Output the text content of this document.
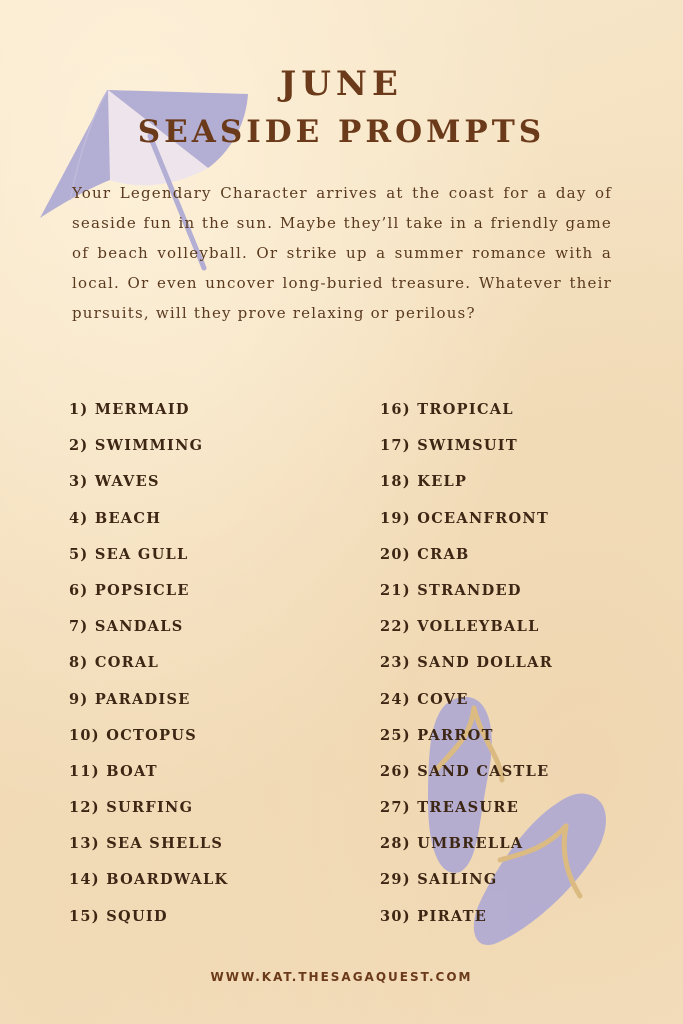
JUNE
SEASIDE PROMPTS

Your Legendary Character arrives at the coast for a day of seaside fun in the sun. Maybe they’ll take in a friendly game of beach volleyball. Or strike up a summer romance with a local. Or even uncover long-buried treasure. Whatever their pursuits, will they prove relaxing or perilous?

1) MERMAID
2) SWIMMING
3) WAVES
4) BEACH
5) SEA GULL
6) POPSICLE
7) SANDALS
8) CORAL
9) PARADISE
10) OCTOPUS
11) BOAT
12) SURFING
13) SEA SHELLS
14) BOARDWALK
15) SQUID
16) TROPICAL
17) SWIMSUIT
18) KELP
19) OCEANFRONT
20) CRAB
21) STRANDED
22) VOLLEYBALL
23) SAND DOLLAR
24) COVE
25) PARROT
26) SAND CASTLE
27) TREASURE
28) UMBRELLA
29) SAILING
30) PIRATE

WWW.KAT.THESAGAQUEST.COM
